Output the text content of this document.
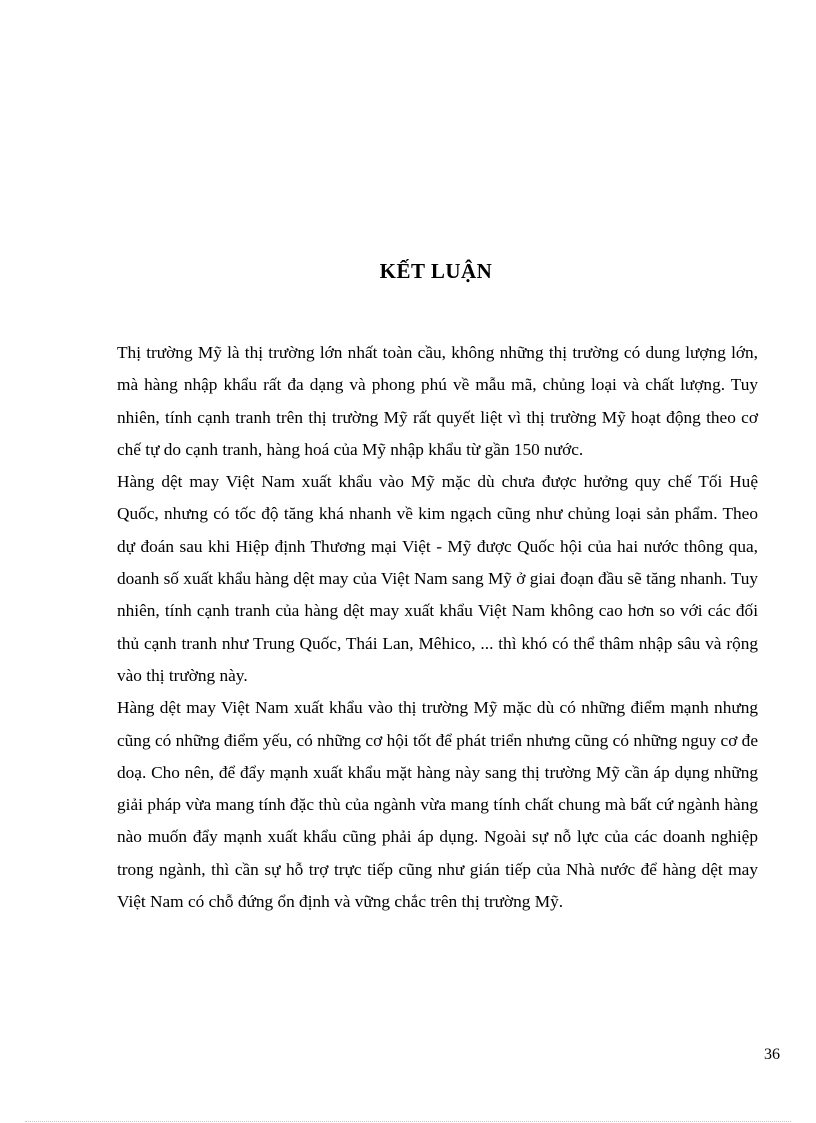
KẾT LUẬN

Thị trường Mỹ là thị trường lớn nhất toàn cầu, không những thị trường có dung lượng lớn, mà hàng nhập khẩu rất đa dạng và phong phú về mẫu mã, chủng loại và chất lượng. Tuy nhiên, tính cạnh tranh trên thị trường Mỹ rất quyết liệt vì thị trường Mỹ hoạt động theo cơ chế tự do cạnh tranh, hàng hoá của Mỹ nhập khẩu từ gần 150 nước.

Hàng dệt may Việt Nam xuất khẩu vào Mỹ mặc dù chưa được hưởng quy chế Tối Huệ Quốc, nhưng có tốc độ tăng khá nhanh về kim ngạch cũng như chủng loại sản phẩm. Theo dự đoán sau khi Hiệp định Thương mại Việt - Mỹ được Quốc hội của hai nước thông qua, doanh số xuất khẩu hàng dệt may của Việt Nam sang Mỹ ở giai đoạn đầu sẽ tăng nhanh. Tuy nhiên, tính cạnh tranh của hàng dệt may xuất khẩu Việt Nam không cao hơn so với các đối thủ cạnh tranh như Trung Quốc, Thái Lan, Mêhico, ... thì khó có thể thâm nhập sâu và rộng vào thị trường này.

Hàng dệt may Việt Nam xuất khẩu vào thị trường Mỹ mặc dù có những điểm mạnh nhưng cũng có những điểm yếu, có những cơ hội tốt để phát triển nhưng cũng có những nguy cơ đe doạ. Cho nên, để đẩy mạnh xuất khẩu mặt hàng này sang thị trường Mỹ cần áp dụng những giải pháp vừa mang tính đặc thù của ngành vừa mang tính chất chung mà bất cứ ngành hàng nào muốn đẩy mạnh xuất khẩu cũng phải áp dụng. Ngoài sự nỗ lực của các doanh nghiệp trong ngành, thì cần sự hỗ trợ trực tiếp cũng như gián tiếp của Nhà nước để hàng dệt may Việt Nam có chỗ đứng ổn định và vững chắc trên thị trường Mỹ.

36
